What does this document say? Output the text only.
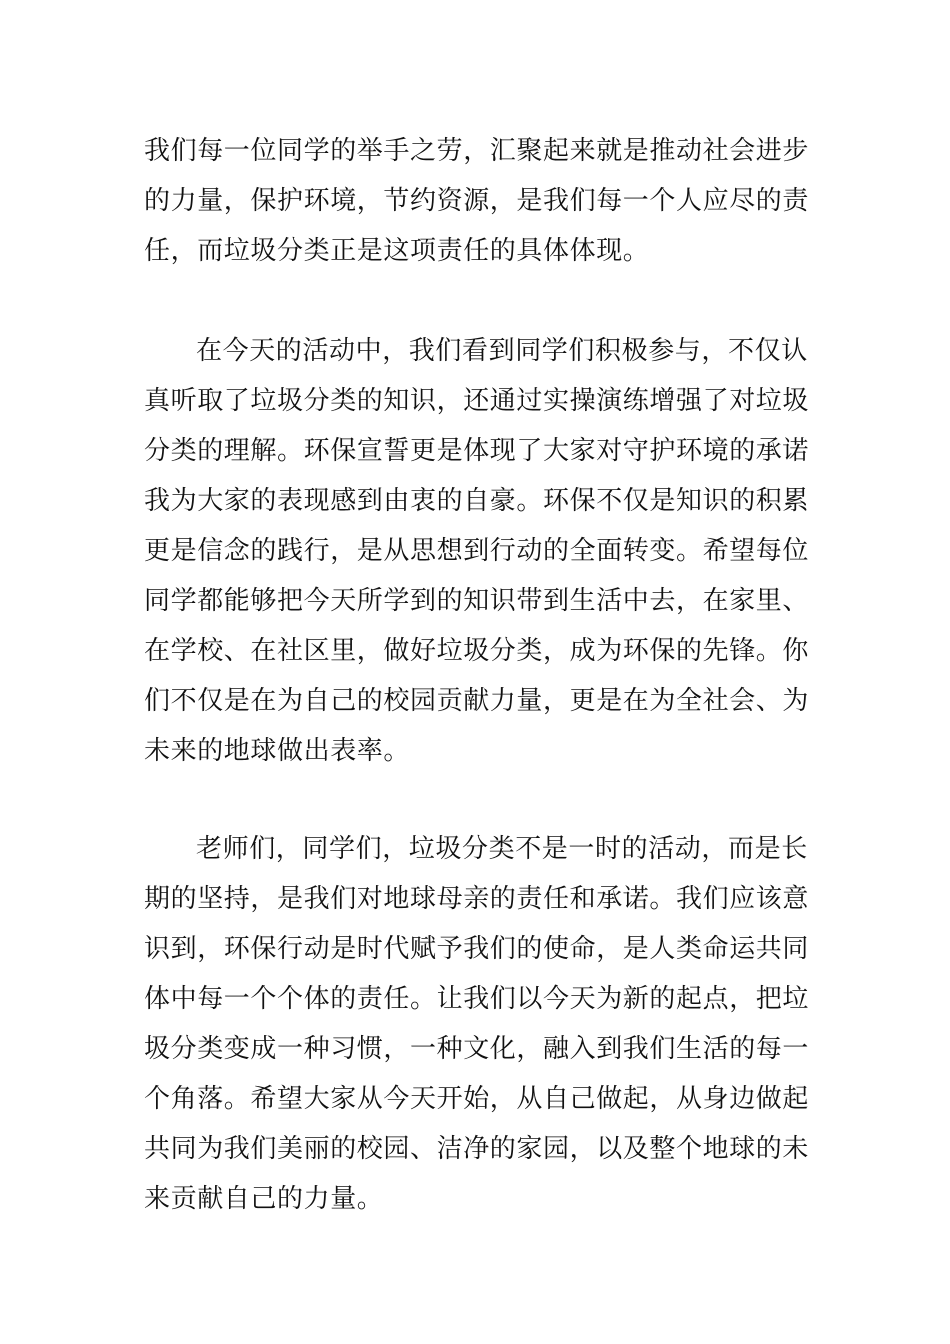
我们每一位同学的举手之劳，汇聚起来就是推动社会进步
的力量，保护环境，节约资源，是我们每一个人应尽的责
任，而垃圾分类正是这项责任的具体体现。
在今天的活动中，我们看到同学们积极参与，不仅认
真听取了垃圾分类的知识，还通过实操演练增强了对垃圾
分类的理解。环保宣誓更是体现了大家对守护环境的承诺
我为大家的表现感到由衷的自豪。环保不仅是知识的积累
更是信念的践行，是从思想到行动的全面转变。希望每位
同学都能够把今天所学到的知识带到生活中去，在家里、
在学校、在社区里，做好垃圾分类，成为环保的先锋。你
们不仅是在为自己的校园贡献力量，更是在为全社会、为
未来的地球做出表率。
老师们，同学们，垃圾分类不是一时的活动，而是长
期的坚持，是我们对地球母亲的责任和承诺。我们应该意
识到，环保行动是时代赋予我们的使命，是人类命运共同
体中每一个个体的责任。让我们以今天为新的起点，把垃
圾分类变成一种习惯，一种文化，融入到我们生活的每一
个角落。希望大家从今天开始，从自己做起，从身边做起
共同为我们美丽的校园、洁净的家园，以及整个地球的未
来贡献自己的力量。
